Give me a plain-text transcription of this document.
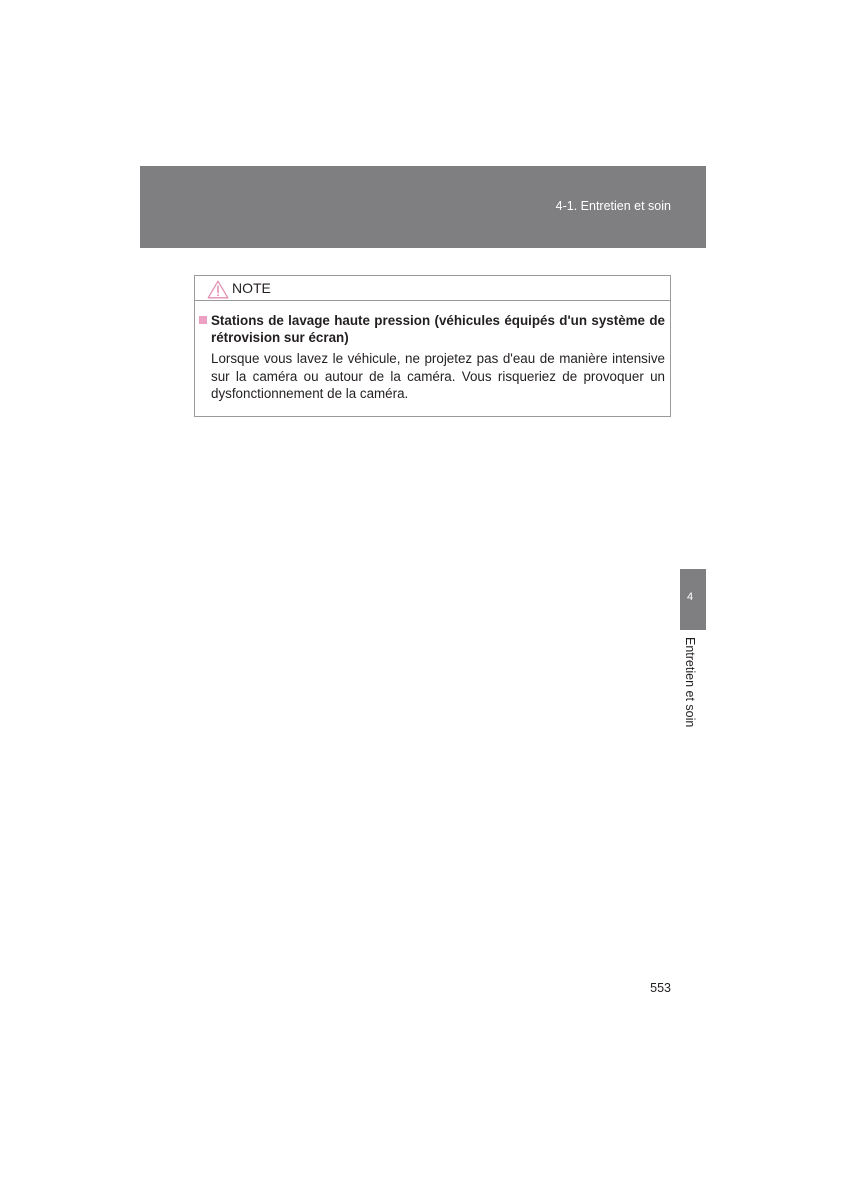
4-1. Entretien et soin
NOTE
Stations de lavage haute pression (véhicules équipés d'un système de
rétrovision sur écran)
Lorsque vous lavez le véhicule, ne projetez pas d'eau de manière intensive
sur la caméra ou autour de la caméra. Vous risqueriez de provoquer un
dysfonctionnement de la caméra.
4
Entretien et soin
553
